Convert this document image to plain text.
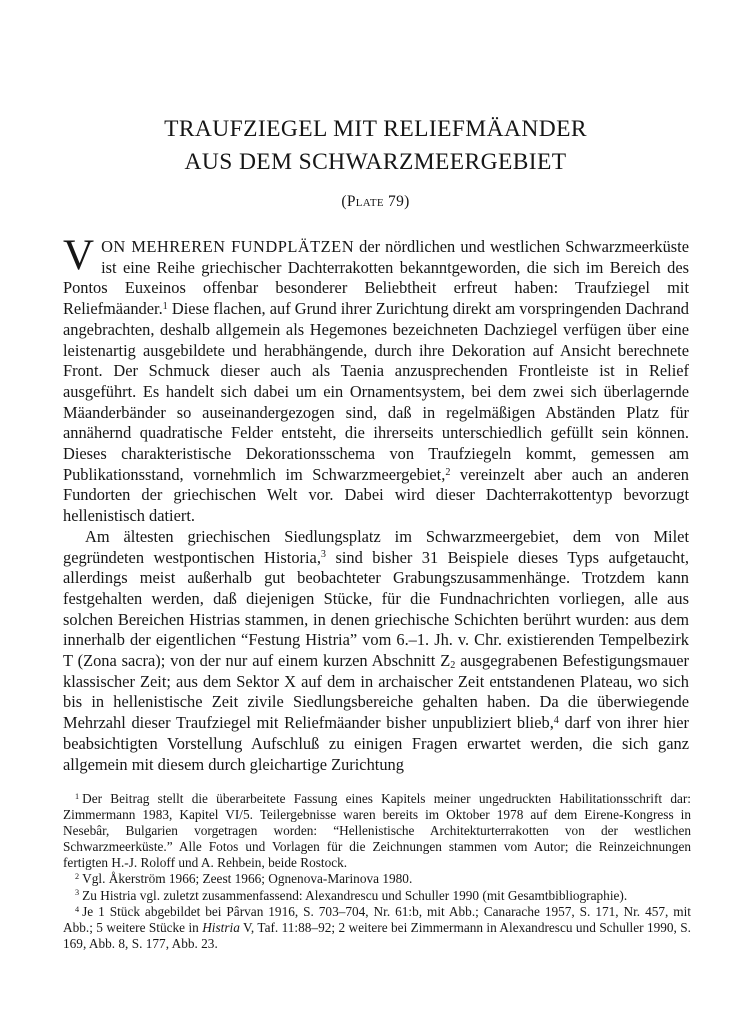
TRAUFZIEGEL MIT RELIEFMÄANDER
AUS DEM SCHWARZMEERGEBIET
(Plate 79)

VON MEHREREN FUNDPLÄTZEN der nördlichen und westlichen Schwarzmeerküste ist eine Reihe griechischer Dachterrakotten bekanntgeworden, die sich im Bereich des Pontos Euxeinos offenbar besonderer Beliebtheit erfreut haben: Traufziegel mit Reliefmäander.$^1$ Diese flachen, auf Grund ihrer Zurichtung direkt am vorspringenden Dachrand angebrachten, deshalb allgemein als Hegemones bezeichneten Dachziegel verfügen über eine leistenartig ausgebildete und herabhängende, durch ihre Dekoration auf Ansicht berechnete Front. Der Schmuck dieser auch als Taenia anzusprechenden Frontleiste ist in Relief ausgeführt. Es handelt sich dabei um ein Ornamentsystem, bei dem zwei sich überlagernde Mäanderbänder so auseinandergezogen sind, daß in regelmäßigen Abständen Platz für annähernd quadratische Felder entsteht, die ihrerseits unterschiedlich gefüllt sein können. Dieses charakteristische Dekorationsschema von Traufziegeln kommt, gemessen am Publikationsstand, vornehmlich im Schwarzmeergebiet,$^2$ vereinzelt aber auch an anderen Fundorten der griechischen Welt vor. Dabei wird dieser Dachterrakottentyp bevorzugt hellenistisch datiert.

Am ältesten griechischen Siedlungsplatz im Schwarzmeergebiet, dem von Milet gegründeten westpontischen Historia,$^3$ sind bisher 31 Beispiele dieses Typs aufgetaucht, allerdings meist außerhalb gut beobachteter Grabungszusammenhänge. Trotzdem kann festgehalten werden, daß diejenigen Stücke, für die Fundnachrichten vorliegen, alle aus solchen Bereichen Histrias stammen, in denen griechische Schichten berührt wurden: aus dem innerhalb der eigentlichen “Festung Histria” vom 6.–1. Jh. v. Chr. existierenden Tempelbezirk T (Zona sacra); von der nur auf einem kurzen Abschnitt $Z_2$ ausgegrabenen Befestigungsmauer klassischer Zeit; aus dem Sektor X auf dem in archaischer Zeit entstandenen Plateau, wo sich bis in hellenistische Zeit zivile Siedlungsbereiche gehalten haben. Da die überwiegende Mehrzahl dieser Traufziegel mit Reliefmäander bisher unpubliziert blieb,$^4$ darf von ihrer hier beabsichtigten Vorstellung Aufschluß zu einigen Fragen erwartet werden, die sich ganz allgemein mit diesem durch gleichartige Zurichtung

$^1$ Der Beitrag stellt die überarbeitete Fassung eines Kapitels meiner ungedruckten Habilitationsschrift dar: Zimmermann 1983, Kapitel VI/5. Teilergebnisse waren bereits im Oktober 1978 auf dem Eirene-Kongress in Nesebâr, Bulgarien vorgetragen worden: “Hellenistische Architekturterrakotten von der westlichen Schwarzmeerküste.” Alle Fotos und Vorlagen für die Zeichnungen stammen vom Autor; die Reinzeichnungen fertigten H.-J. Roloff und A. Rehbein, beide Rostock.

$^2$ Vgl. Åkerström 1966; Zeest 1966; Ognenova-Marinova 1980.

$^3$ Zu Histria vgl. zuletzt zusammenfassend: Alexandrescu und Schuller 1990 (mit Gesamtbibliographie).

$^4$ Je 1 Stück abgebildet bei Pârvan 1916, S. 703–704, Nr. 61:b, mit Abb.; Canarache 1957, S. 171, Nr. 457, mit Abb.; 5 weitere Stücke in Histria V, Taf. 11:88–92; 2 weitere bei Zimmermann in Alexandrescu und Schuller 1990, S. 169, Abb. 8, S. 177, Abb. 23.
